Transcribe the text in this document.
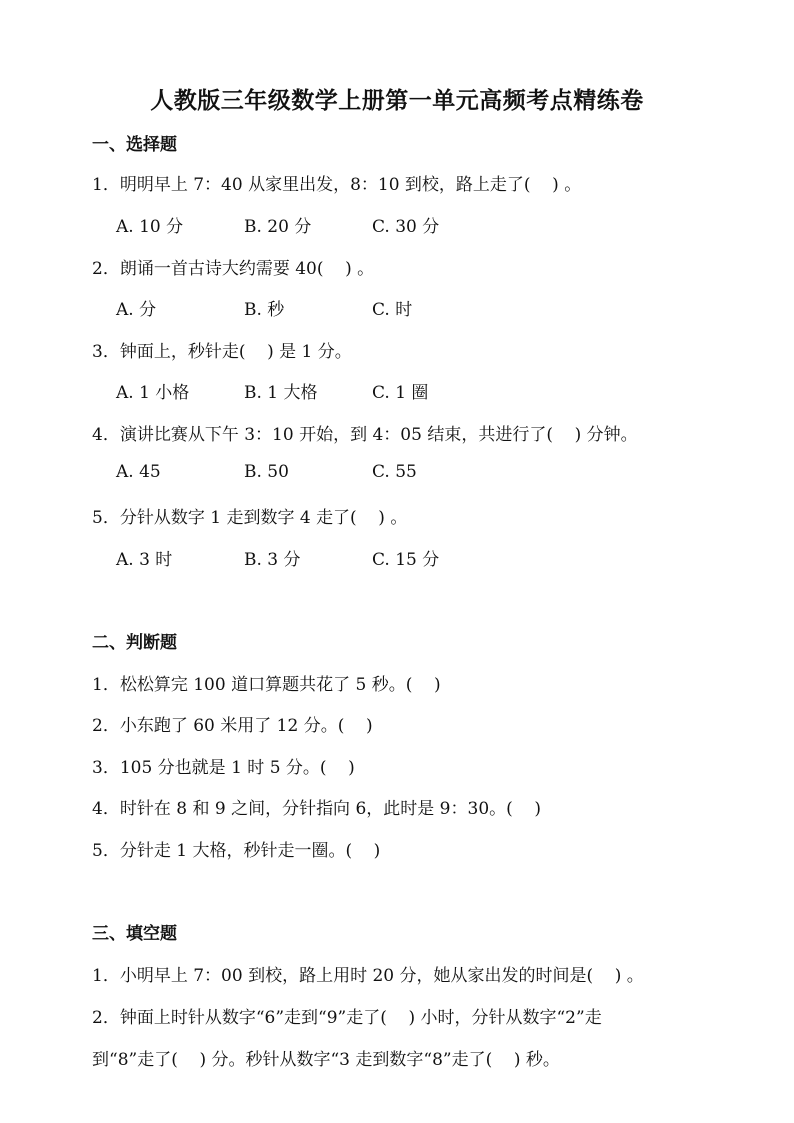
人教版三年级数学上册第一单元高频考点精练卷
一、选择题
1．明明早上 7：40 从家里出发，8：10 到校，路上走了(    ) 。
A. 10 分	B. 20 分	C. 30 分
2．朗诵一首古诗大约需要 40(    ) 。
A. 分	B. 秒	C. 时
3．钟面上，秒针走(    ) 是 1 分。
A. 1 小格	B. 1 大格	C. 1 圈
4．演讲比赛从下午 3：10 开始，到 4：05 结束，共进行了(    ) 分钟。
A. 45	B. 50	C. 55
5．分针从数字 1 走到数字 4 走了(    ) 。
A. 3 时	B. 3 分	C. 15 分
二、判断题
1．松松算完 100 道口算题共花了 5 秒。(    )
2．小东跑了 60 米用了 12 分。(    )
3．105 分也就是 1 时 5 分。(    )
4．时针在 8 和 9 之间，分针指向 6，此时是 9：30。(    )
5．分针走 1 大格，秒针走一圈。(    )
三、填空题
1．小明早上 7：00 到校，路上用时 20 分，她从家出发的时间是(    ) 。
2．钟面上时针从数字“6”走到“9”走了(    ) 小时，分针从数字“2”走
到“8”走了(    ) 分。秒针从数字“3 走到数字“8”走了(    ) 秒。
